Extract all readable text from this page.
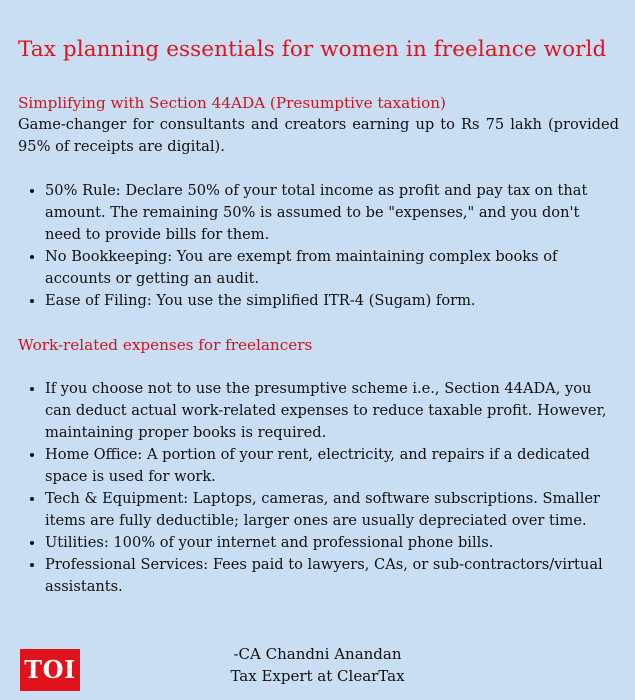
Tax planning essentials for women in freelance world
Simplifying with Section 44ADA (Presumptive taxation)

Game-changer for consultants and creators earning up to Rs 75 lakh (provided 95% of receipts are digital).

• 50% Rule: Declare 50% of your total income as profit and pay tax on that amount. The remaining 50% is assumed to be "expenses," and you don't need to provide bills for them.
• No Bookkeeping: You are exempt from maintaining complex books of accounts or getting an audit.
• Ease of Filing: You use the simplified ITR-4 (Sugam) form.
Work-related expenses for freelancers
• If you choose not to use the presumptive scheme i.e., Section 44ADA, you can deduct actual work-related expenses to reduce taxable profit. However, maintaining proper books is required.
• Home Office: A portion of your rent, electricity, and repairs if a dedicated space is used for work.
• Tech & Equipment: Laptops, cameras, and software subscriptions. Smaller items are fully deductible; larger ones are usually depreciated over time.
• Utilities: 100% of your internet and professional phone bills.
• Professional Services: Fees paid to lawyers, CAs, or sub-contractors/virtual assistants.
TOI
-CA Chandni Anandan
Tax Expert at ClearTax
